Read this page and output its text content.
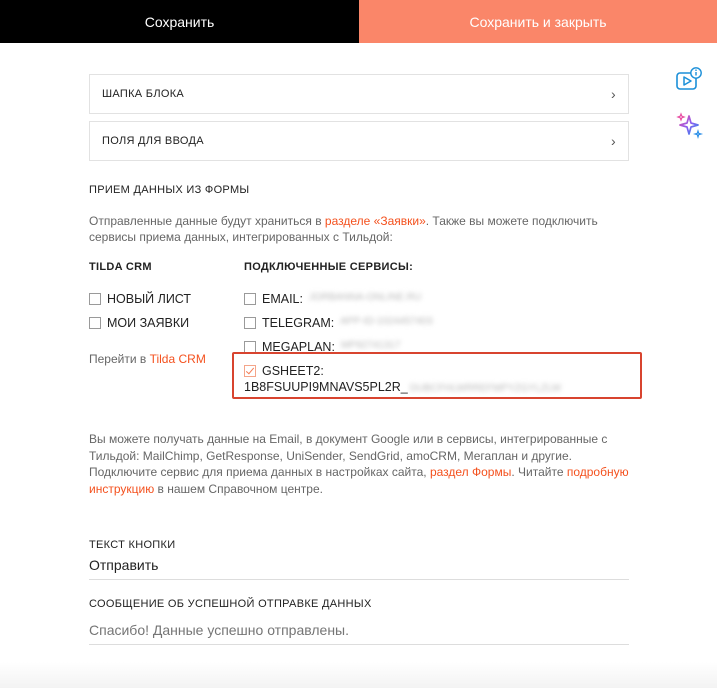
Сохранить	Сохранить и закрыть
ШАПКА БЛОКА	›
ПОЛЯ ДЛЯ ВВОДА	›
ПРИЕМ ДАННЫХ ИЗ ФОРМЫ
Отправленные данные будут храниться в разделе «Заявки». Также вы можете подключить сервисы приема данных, интегрированных с Тильдой:
TILDA CRM	ПОДКЛЮЧЕННЫЕ СЕРВИСЫ:
НОВЫЙ ЛИСТ
МОИ ЗАЯВКИ
Перейти в Tilda CRM
EMAIL: JORBANNA-ONLINE.RU
TELEGRAM: APP-ID-1024457403
MEGAPLAN: MP92741317
GSHEET2:
1B8FSUUPI9MNAVS5PL2R_ DUBCFHLWRREFMPYZGYLZLW
Вы можете получать данные на Email, в документ Google или в сервисы, интегрированные с Тильдой: MailChimp, GetResponse, UniSender, SendGrid, amoCRM, Мегаплан и другие. Подключите сервис для приема данных в настройках сайта, раздел Формы. Читайте подробную инструкцию в нашем Справочном центре.
ТЕКСТ КНОПКИ
Отправить
СООБЩЕНИЕ ОБ УСПЕШНОЙ ОТПРАВКЕ ДАННЫХ
Спасибо! Данные успешно отправлены.
